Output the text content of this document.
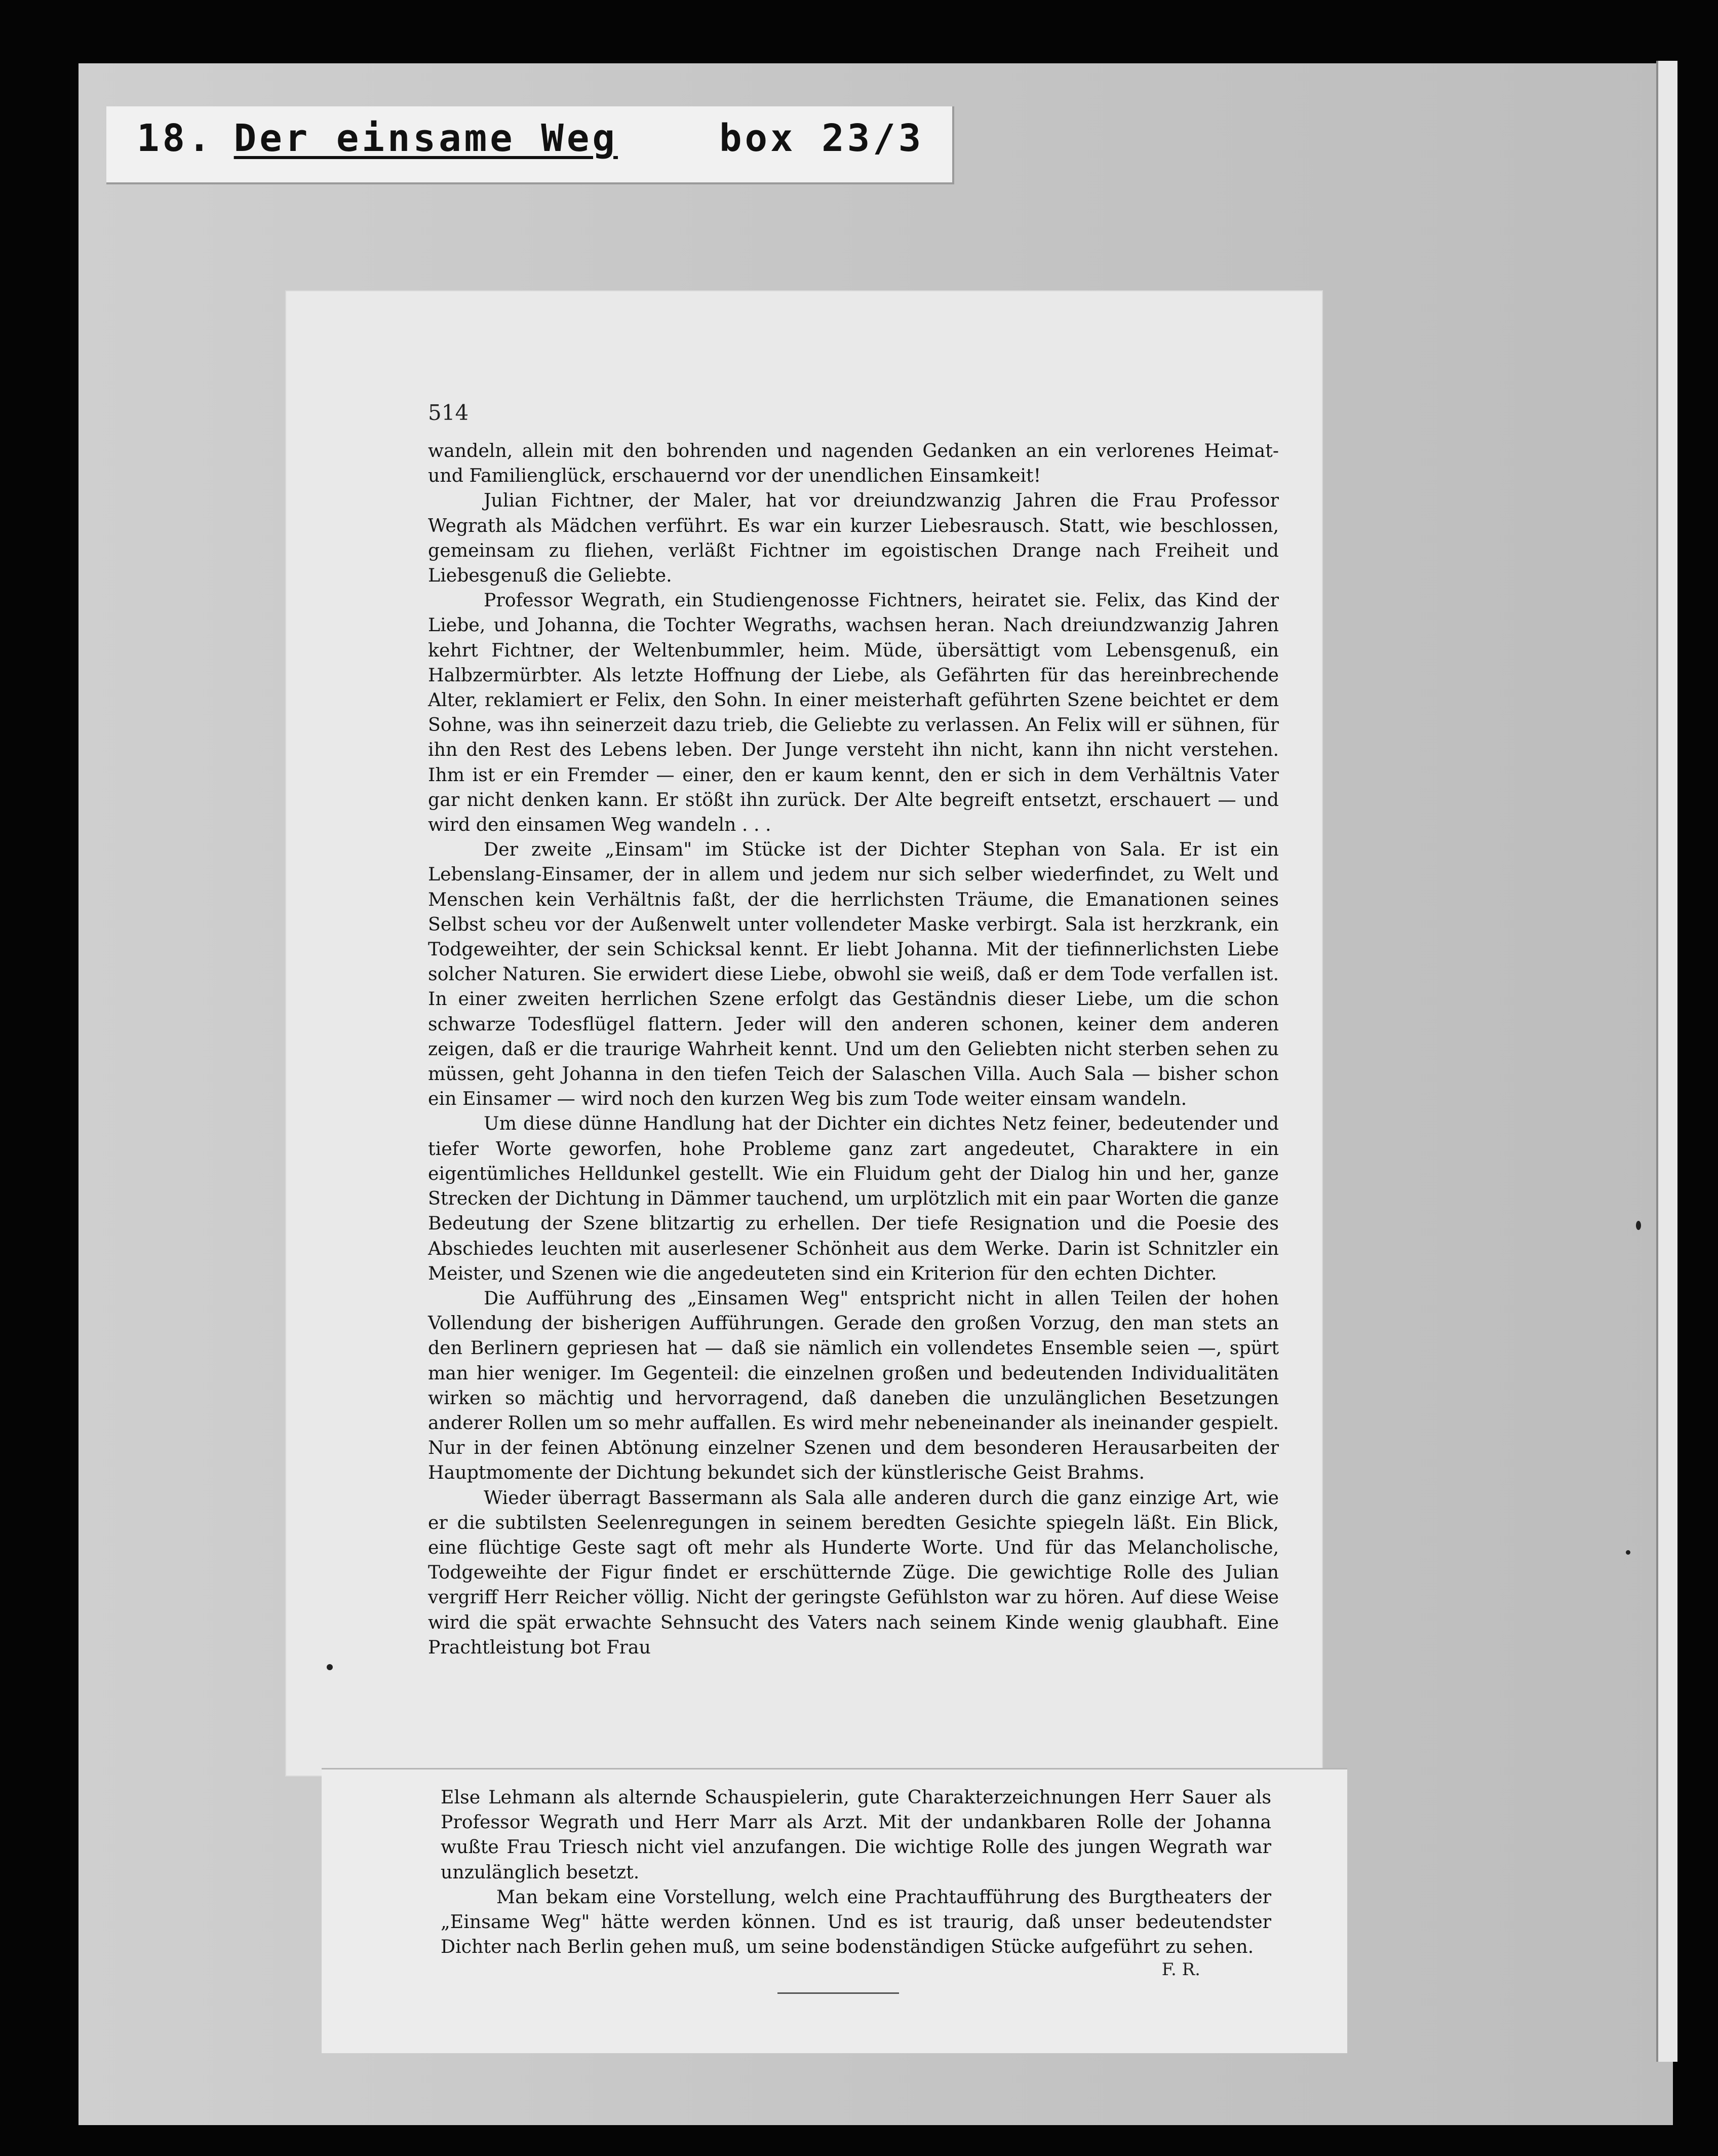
18. Der einsame Weg	box 23/3
514

wandeln, allein mit den bohrenden und nagenden Gedanken an ein verlorenes Heimat- und Familienglück, erschauernd vor der unendlichen Einsamkeit!

Julian Fichtner, der Maler, hat vor dreiundzwanzig Jahren die Frau Professor Wegrath als Mädchen verführt. Es war ein kurzer Liebesrausch. Statt, wie beschlossen, gemeinsam zu fliehen, verläßt Fichtner im egoistischen Drange nach Freiheit und Liebesgenuß die Geliebte.

Professor Wegrath, ein Studiengenosse Fichtners, heiratet sie. Felix, das Kind der Liebe, und Johanna, die Tochter Wegraths, wachsen heran. Nach dreiundzwanzig Jahren kehrt Fichtner, der Weltenbummler, heim. Müde, übersättigt vom Lebensgenuß, ein Halbzermürbter. Als letzte Hoffnung der Liebe, als Gefährten für das hereinbrechende Alter, reklamiert er Felix, den Sohn. In einer meisterhaft geführten Szene beichtet er dem Sohne, was ihn seinerzeit dazu trieb, die Geliebte zu verlassen. An Felix will er sühnen, für ihn den Rest des Lebens leben. Der Junge versteht ihn nicht, kann ihn nicht verstehen. Ihm ist er ein Fremder — einer, den er kaum kennt, den er sich in dem Verhältnis Vater gar nicht denken kann. Er stößt ihn zurück. Der Alte begreift entsetzt, erschauert — und wird den einsamen Weg wandeln . . .

Der zweite „Einsam" im Stücke ist der Dichter Stephan von Sala. Er ist ein Lebenslang-Einsamer, der in allem und jedem nur sich selber wiederfindet, zu Welt und Menschen kein Verhältnis faßt, der die herrlichsten Träume, die Emanationen seines Selbst scheu vor der Außenwelt unter vollendeter Maske verbirgt. Sala ist herzkrank, ein Todgeweihter, der sein Schicksal kennt. Er liebt Johanna. Mit der tiefinnerlichsten Liebe solcher Naturen. Sie erwidert diese Liebe, obwohl sie weiß, daß er dem Tode verfallen ist. In einer zweiten herrlichen Szene erfolgt das Geständnis dieser Liebe, um die schon schwarze Todesflügel flattern. Jeder will den anderen schonen, keiner dem anderen zeigen, daß er die traurige Wahrheit kennt. Und um den Geliebten nicht sterben sehen zu müssen, geht Johanna in den tiefen Teich der Salaschen Villa. Auch Sala — bisher schon ein Einsamer — wird noch den kurzen Weg bis zum Tode weiter einsam wandeln.

Um diese dünne Handlung hat der Dichter ein dichtes Netz feiner, bedeutender und tiefer Worte geworfen, hohe Probleme ganz zart angedeutet, Charaktere in ein eigentümliches Helldunkel gestellt. Wie ein Fluidum geht der Dialog hin und her, ganze Strecken der Dichtung in Dämmer tauchend, um urplötzlich mit ein paar Worten die ganze Bedeutung der Szene blitzartig zu erhellen. Der tiefe Resignation und die Poesie des Abschiedes leuchten mit auserlesener Schönheit aus dem Werke. Darin ist Schnitzler ein Meister, und Szenen wie die angedeuteten sind ein Kriterion für den echten Dichter.

Die Aufführung des „Einsamen Weg" entspricht nicht in allen Teilen der hohen Vollendung der bisherigen Aufführungen. Gerade den großen Vorzug, den man stets an den Berlinern gepriesen hat — daß sie nämlich ein vollendetes Ensemble seien —, spürt man hier weniger. Im Gegenteil: die einzelnen großen und bedeutenden Individualitäten wirken so mächtig und hervorragend, daß daneben die unzulänglichen Besetzungen anderer Rollen um so mehr auffallen. Es wird mehr nebeneinander als ineinander gespielt. Nur in der feinen Abtönung einzelner Szenen und dem besonderen Herausarbeiten der Hauptmomente der Dichtung bekundet sich der künstlerische Geist Brahms.

Wieder überragt Bassermann als Sala alle anderen durch die ganz einzige Art, wie er die subtilsten Seelenregungen in seinem beredten Gesichte spiegeln läßt. Ein Blick, eine flüchtige Geste sagt oft mehr als Hunderte Worte. Und für das Melancholische, Todgeweihte der Figur findet er erschütternde Züge. Die gewichtige Rolle des Julian vergriff Herr Reicher völlig. Nicht der geringste Gefühlston war zu hören. Auf diese Weise wird die spät erwachte Sehnsucht des Vaters nach seinem Kinde wenig glaubhaft. Eine Prachtleistung bot Frau

Else Lehmann als alternde Schauspielerin, gute Charakterzeichnungen Herr Sauer als Professor Wegrath und Herr Marr als Arzt. Mit der undankbaren Rolle der Johanna wußte Frau Triesch nicht viel anzufangen. Die wichtige Rolle des jungen Wegrath war unzulänglich besetzt.

Man bekam eine Vorstellung, welch eine Prachtaufführung des Burgtheaters der „Einsame Weg" hätte werden können. Und es ist traurig, daß unser bedeutendster Dichter nach Berlin gehen muß, um seine bodenständigen Stücke aufgeführt zu sehen.

F. R.
